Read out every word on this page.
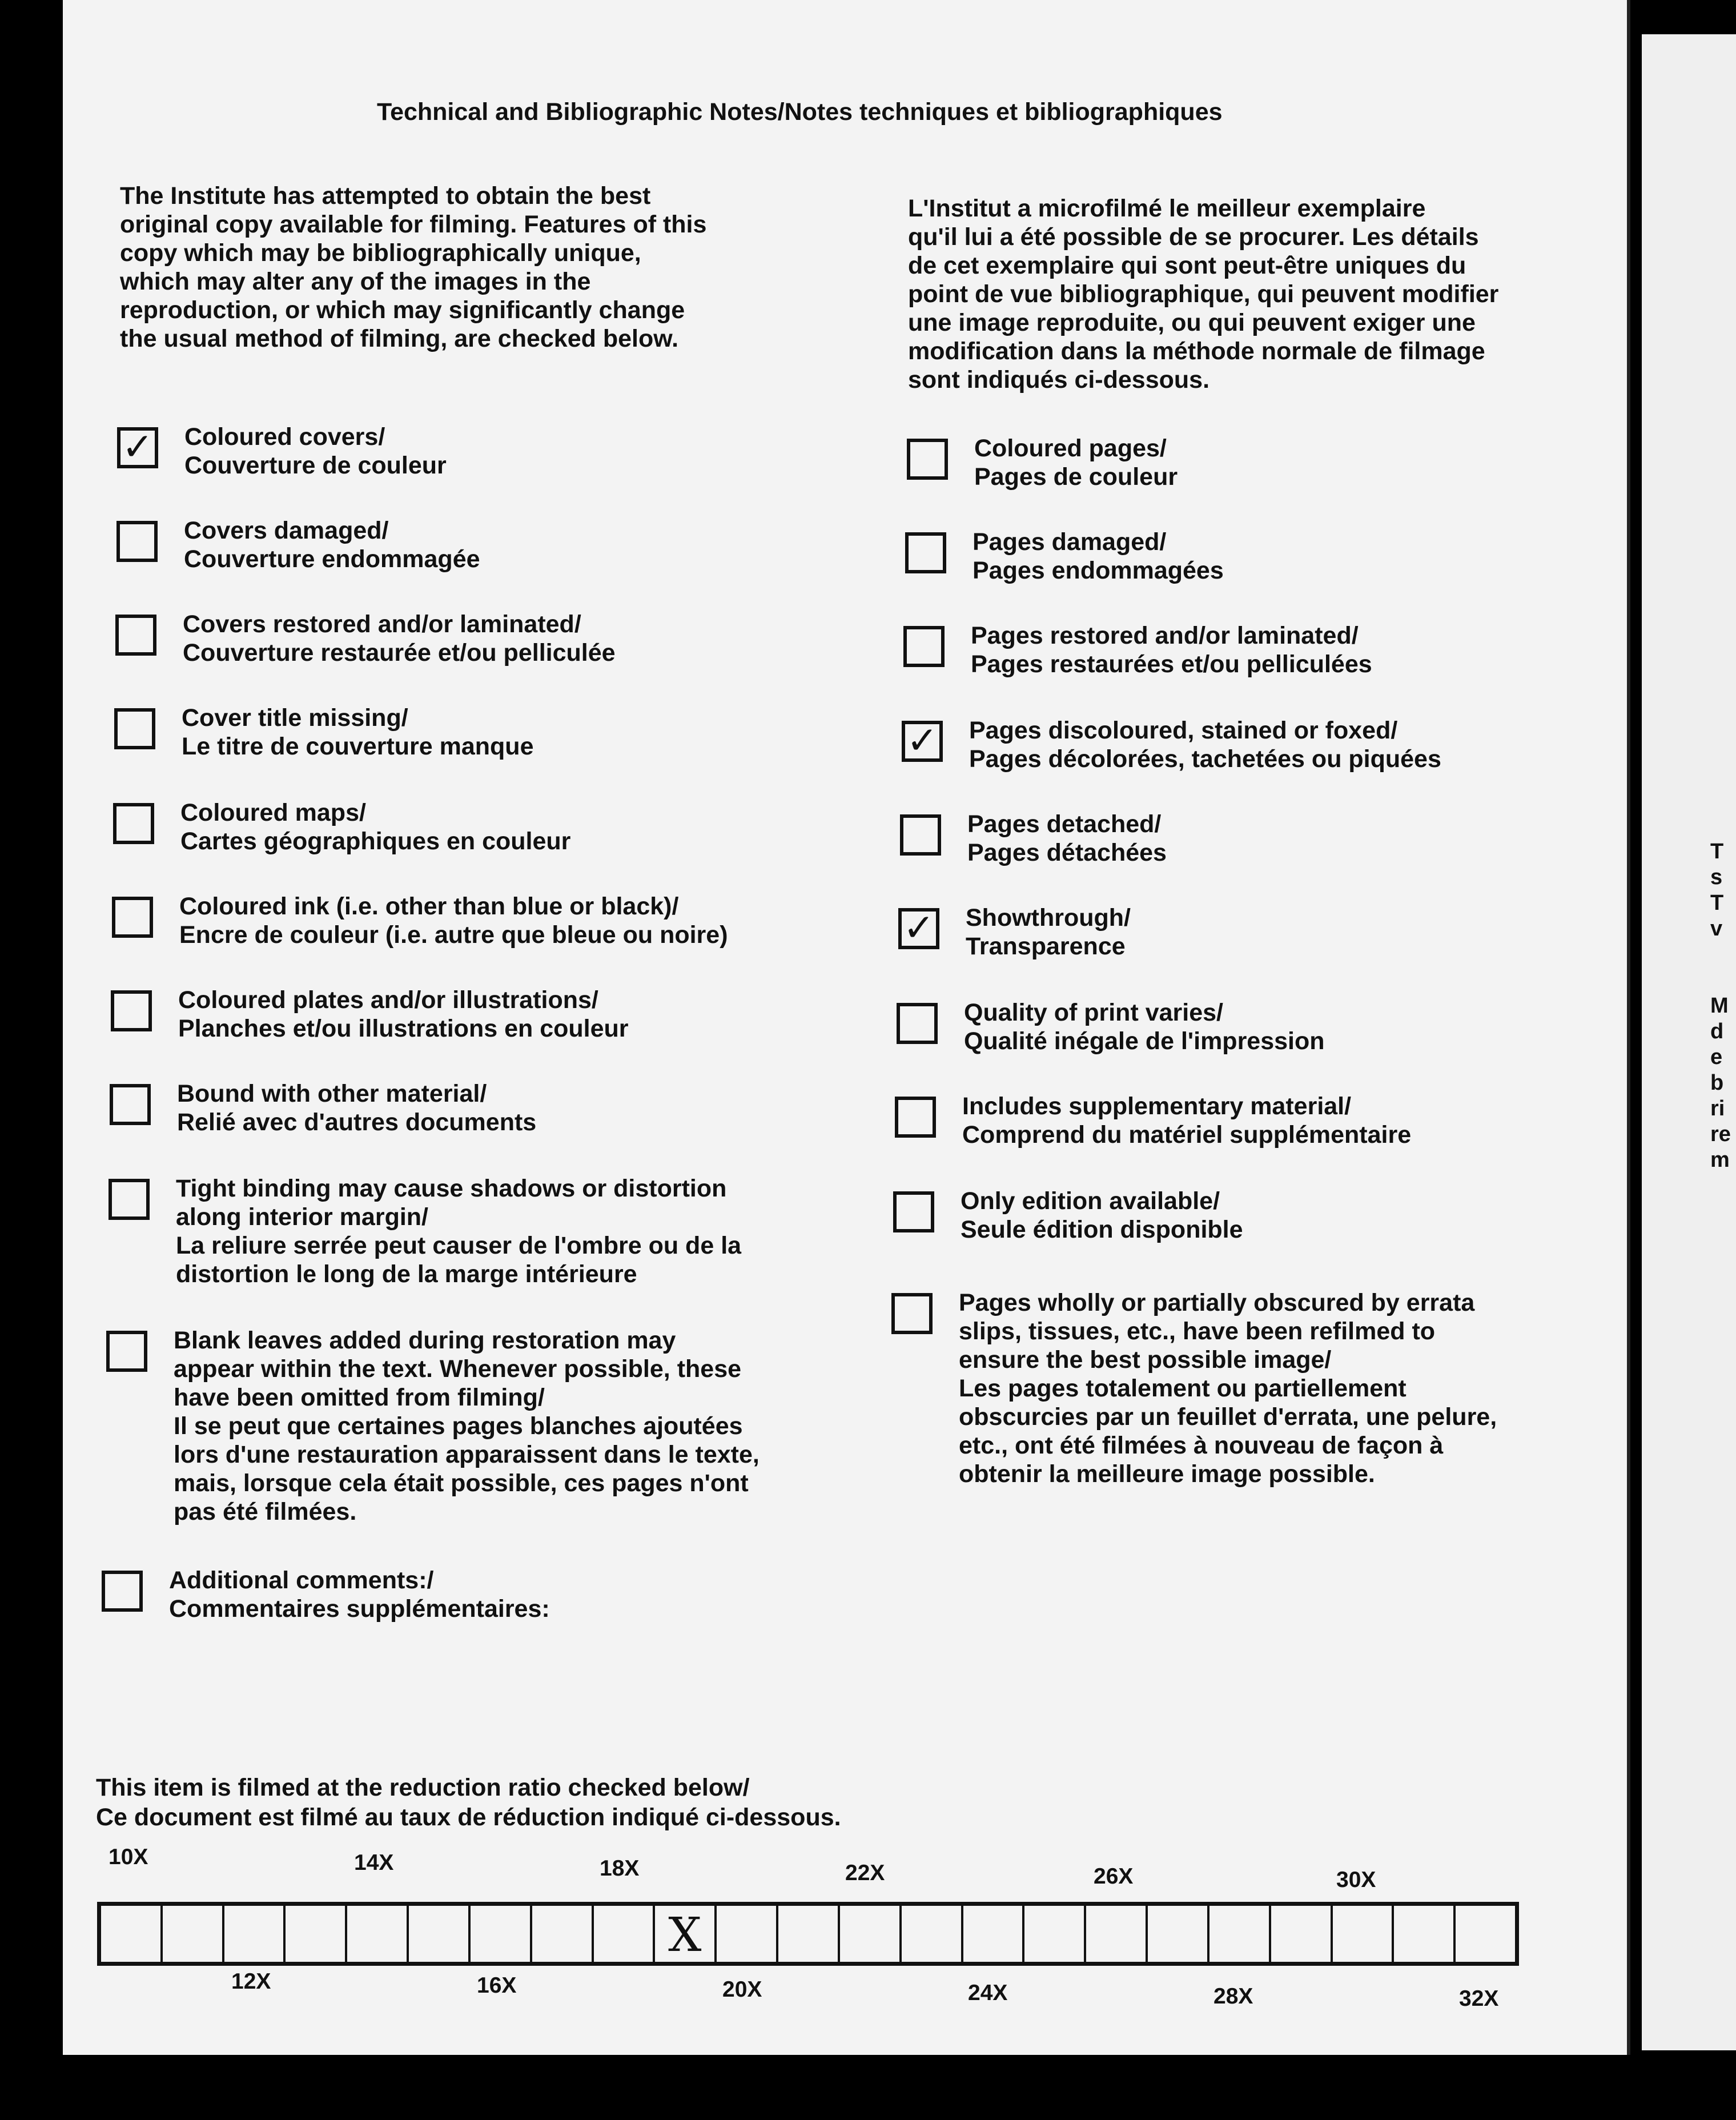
T
s
T
v
M
d
e
b
ri
re
m
Technical and Bibliographic Notes/Notes techniques et bibliographiques

The Institute has attempted to obtain the best
original copy available for filming. Features of this
copy which may be bibliographically unique,
which may alter any of the images in the
reproduction, or which may significantly change
the usual method of filming, are checked below.

L'Institut a microfilmé le meilleur exemplaire
qu'il lui a été possible de se procurer. Les détails
de cet exemplaire qui sont peut-être uniques du
point de vue bibliographique, qui peuvent modifier
une image reproduite, ou qui peuvent exiger une
modification dans la méthode normale de filmage
sont indiqués ci-dessous.

✓ Coloured covers/
Couverture de couleur
Covers damaged/
Couverture endommagée
Covers restored and/or laminated/
Couverture restaurée et/ou pelliculée
Cover title missing/
Le titre de couverture manque
Coloured maps/
Cartes géographiques en couleur
Coloured ink (i.e. other than blue or black)/
Encre de couleur (i.e. autre que bleue ou noire)
Coloured plates and/or illustrations/
Planches et/ou illustrations en couleur
Bound with other material/
Relié avec d'autres documents
Tight binding may cause shadows or distortion
along interior margin/
La reliure serrée peut causer de l'ombre ou de la
distortion le long de la marge intérieure
Blank leaves added during restoration may
appear within the text. Whenever possible, these
have been omitted from filming/
Il se peut que certaines pages blanches ajoutées
lors d'une restauration apparaissent dans le texte,
mais, lorsque cela était possible, ces pages n'ont
pas été filmées.
Additional comments:/
Commentaires supplémentaires:
Coloured pages/
Pages de couleur
Pages damaged/
Pages endommagées
Pages restored and/or laminated/
Pages restaurées et/ou pelliculées
✓ Pages discoloured, stained or foxed/
Pages décolorées, tachetées ou piquées
Pages detached/
Pages détachées
✓ Showthrough/
Transparence
Quality of print varies/
Qualité inégale de l'impression
Includes supplementary material/
Comprend du matériel supplémentaire
Only edition available/
Seule édition disponible
Pages wholly or partially obscured by errata
slips, tissues, etc., have been refilmed to
ensure the best possible image/
Les pages totalement ou partiellement
obscurcies par un feuillet d'errata, une pelure,
etc., ont été filmées à nouveau de façon à
obtenir la meilleure image possible.
This item is filmed at the reduction ratio checked below/
Ce document est filmé au taux de réduction indiqué ci-dessous.
10X	14X	18X	22X	26X	30X
12X	16X	20X	24X	28X	32X
X
